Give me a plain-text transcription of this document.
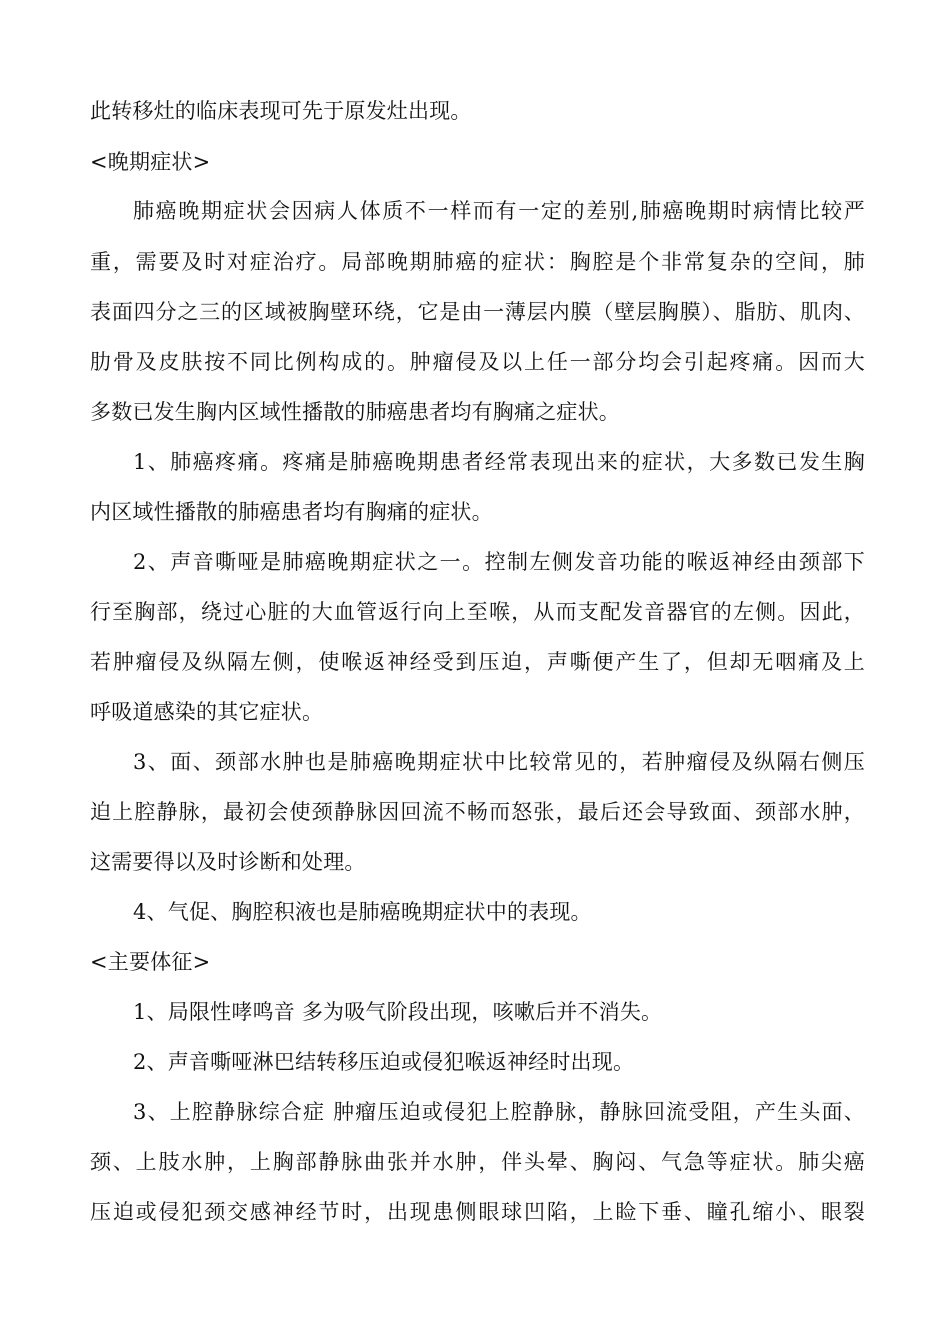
此转移灶的临床表现可先于原发灶出现。
<晚期症状>
肺癌晚期症状会因病人体质不一样而有一定的差别,肺癌晚期时病情比较严
重，需要及时对症治疗。局部晚期肺癌的症状：胸腔是个非常复杂的空间，肺
表面四分之三的区域被胸壁环绕，它是由一薄层内膜（壁层胸膜）、脂肪、肌肉、
肋骨及皮肤按不同比例构成的。肿瘤侵及以上任一部分均会引起疼痛。因而大
多数已发生胸内区域性播散的肺癌患者均有胸痛之症状。
1、肺癌疼痛。疼痛是肺癌晚期患者经常表现出来的症状，大多数已发生胸
内区域性播散的肺癌患者均有胸痛的症状。
2、声音嘶哑是肺癌晚期症状之一。控制左侧发音功能的喉返神经由颈部下
行至胸部，绕过心脏的大血管返行向上至喉，从而支配发音器官的左侧。因此，
若肿瘤侵及纵隔左侧，使喉返神经受到压迫，声嘶便产生了，但却无咽痛及上
呼吸道感染的其它症状。
3、面、颈部水肿也是肺癌晚期症状中比较常见的，若肿瘤侵及纵隔右侧压
迫上腔静脉，最初会使颈静脉因回流不畅而怒张，最后还会导致面、颈部水肿，
这需要得以及时诊断和处理。
4、气促、胸腔积液也是肺癌晚期症状中的表现。
<主要体征>
1、局限性哮鸣音 多为吸气阶段出现，咳嗽后并不消失。
2、声音嘶哑淋巴结转移压迫或侵犯喉返神经时出现。
3、上腔静脉综合症 肿瘤压迫或侵犯上腔静脉，静脉回流受阻，产生头面、
颈、上肢水肿，上胸部静脉曲张并水肿，伴头晕、胸闷、气急等症状。肺尖癌
压迫或侵犯颈交感神经节时，出现患侧眼球凹陷，上睑下垂、瞳孔缩小、眼裂
